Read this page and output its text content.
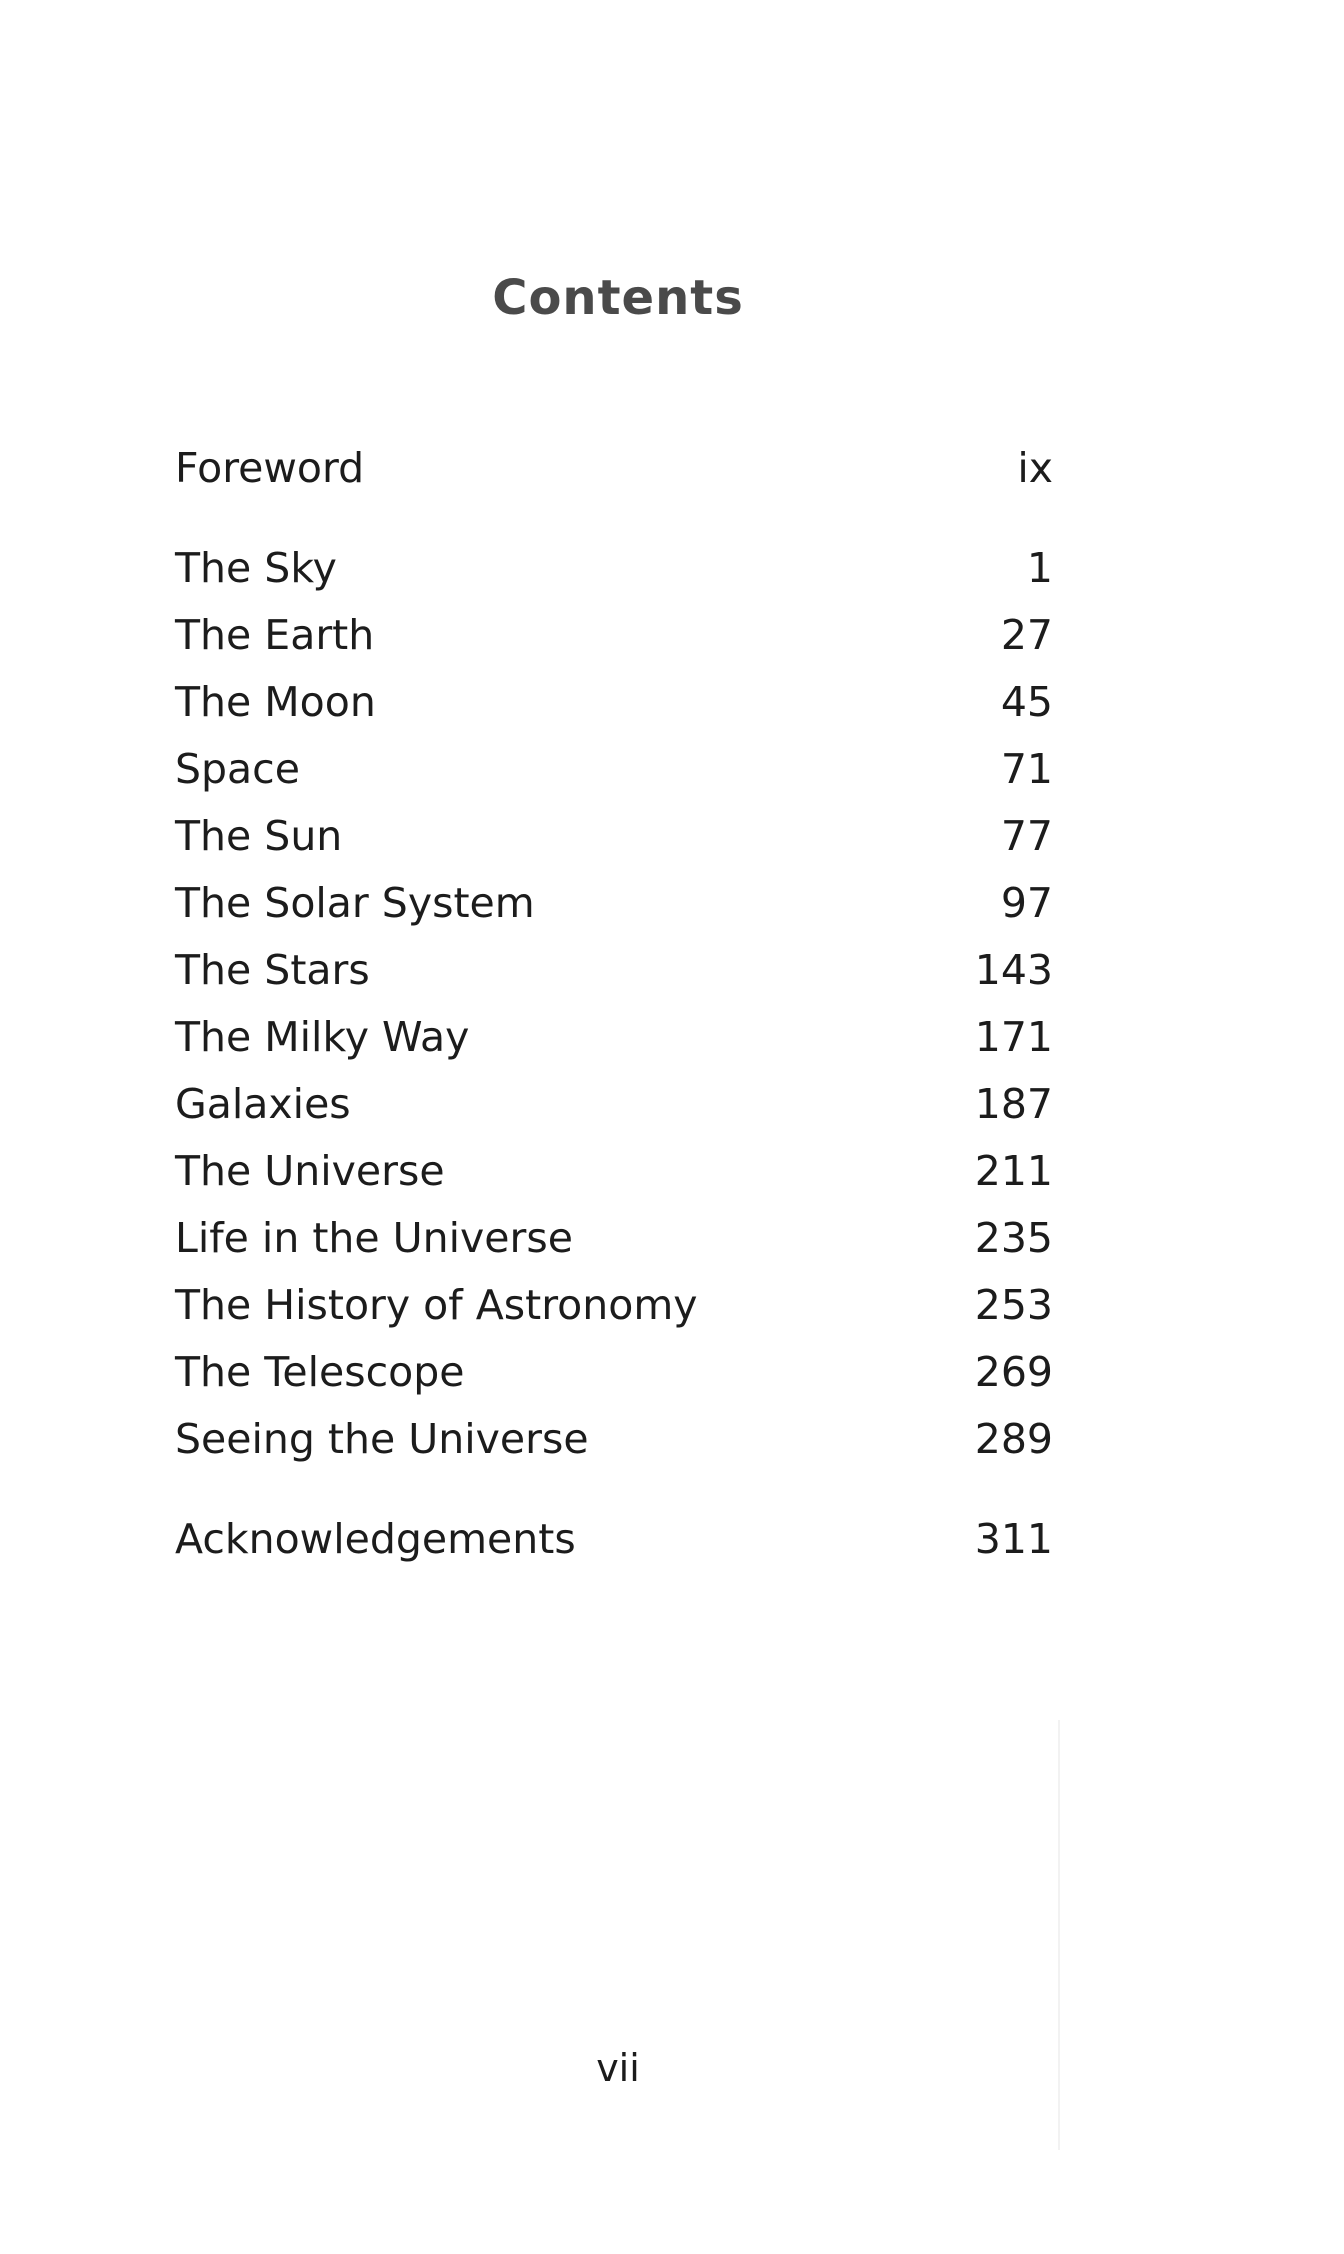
Contents
Foreword	ix
The Sky	1
The Earth	27
The Moon	45
Space	71
The Sun	77
The Solar System	97
The Stars	143
The Milky Way	171
Galaxies	187
The Universe	211
Life in the Universe	235
The History of Astronomy	253
The Telescope	269
Seeing the Universe	289
Acknowledgements	311
vii
